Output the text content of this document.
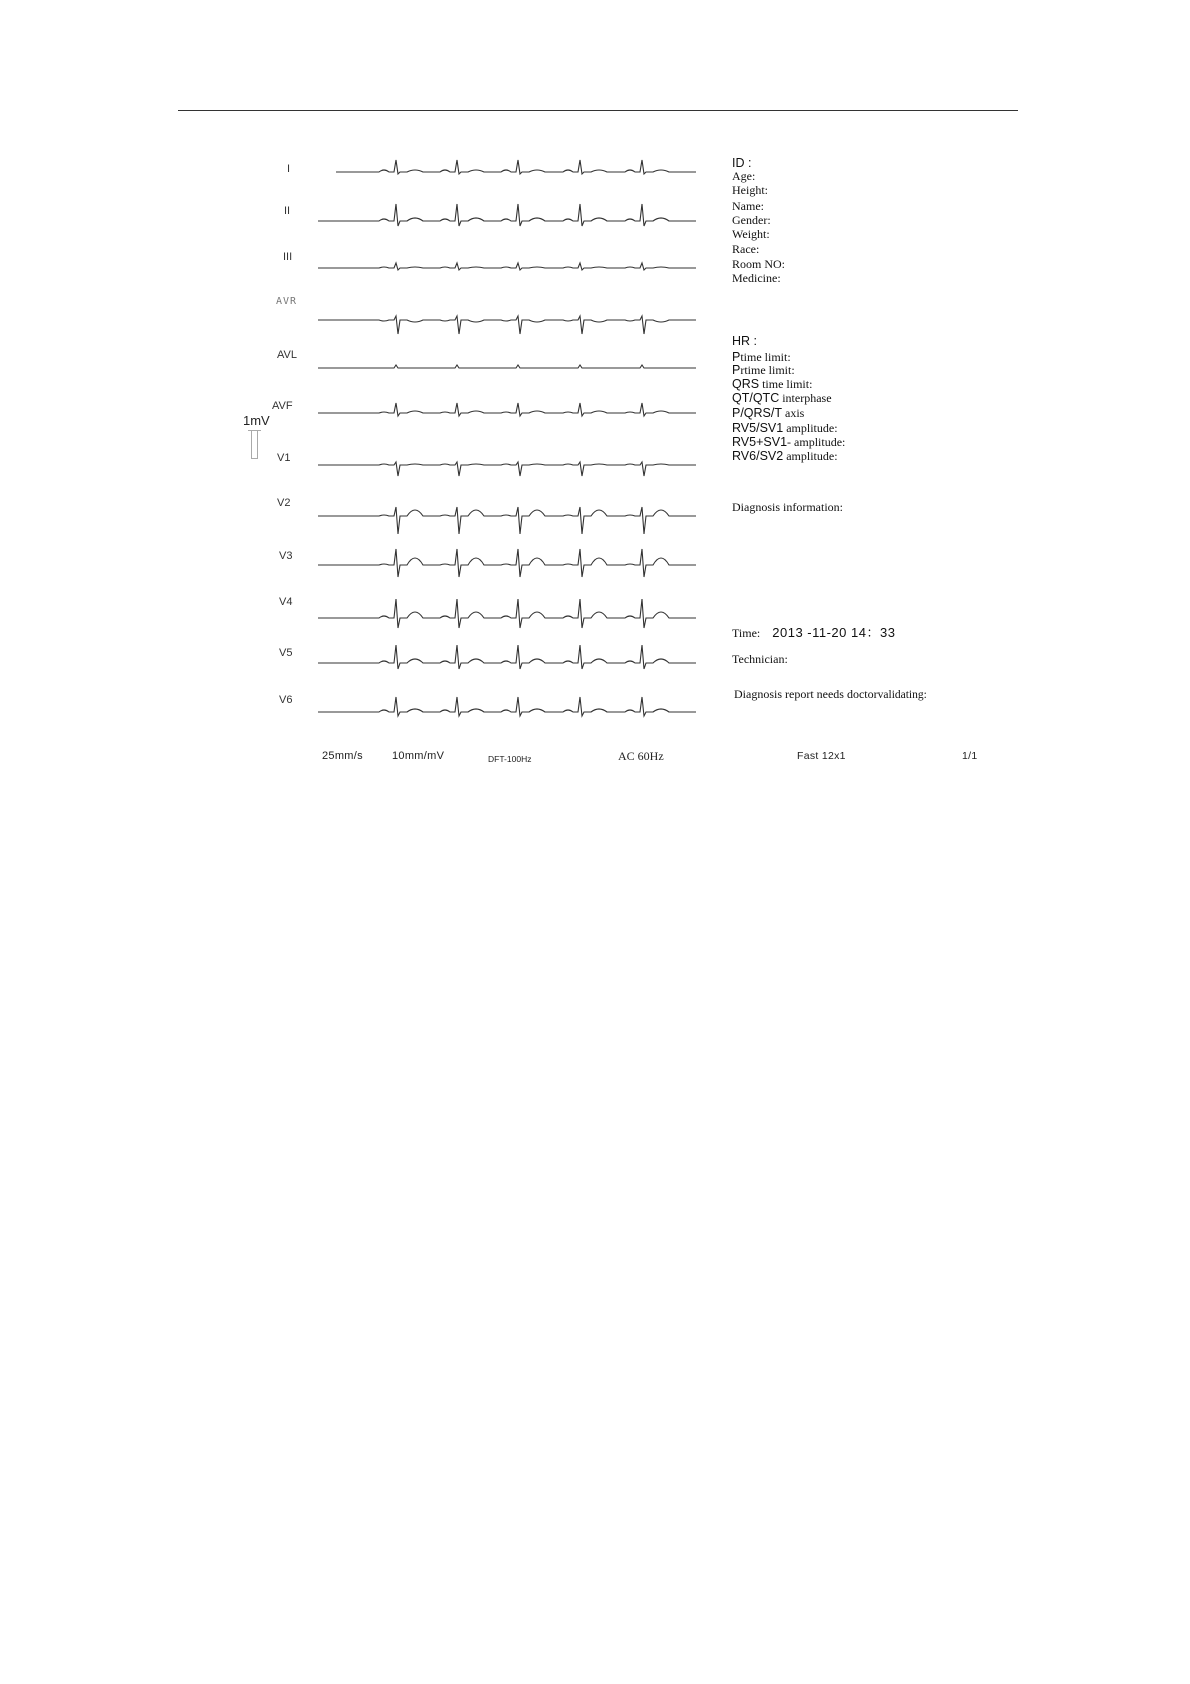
I
II
III
AVR
AVL
AVF
V1
V2
V3
V4
V5
V6
1mV
ID :
Age:
Height:
Name:
Gender:
Weight:
Race:
Room NO:
Medicine:
HR :
Ptime limit:
Prtime limit:
QRS time limit:
QT/QTC interphase
P/QRS/T axis
RV5/SV1 amplitude:
RV5+SV1- amplitude:
RV6/SV2 amplitude:
Diagnosis information:
Time: 2013 -11-20 14：33
Technician:
Diagnosis report needs doctorvalidating:
25mm/s	10mm/mV	DFT-100Hz	AC 60Hz	Fast 12x1	1/1
